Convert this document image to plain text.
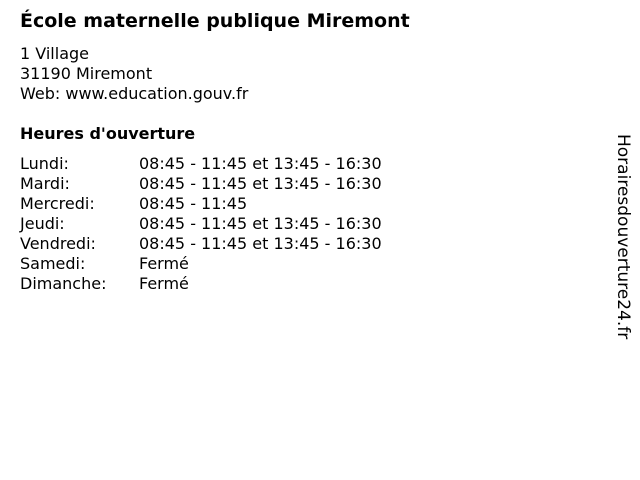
École maternelle publique Miremont
1 Village
31190 Miremont
Web: www.education.gouv.fr
Heures d'ouverture
Lundi:	08:45 - 11:45 et 13:45 - 16:30
Mardi:	08:45 - 11:45 et 13:45 - 16:30
Mercredi:	08:45 - 11:45
Jeudi:	08:45 - 11:45 et 13:45 - 16:30
Vendredi:	08:45 - 11:45 et 13:45 - 16:30
Samedi:	Fermé
Dimanche: Fermé	Horairesdouverture24.fr
